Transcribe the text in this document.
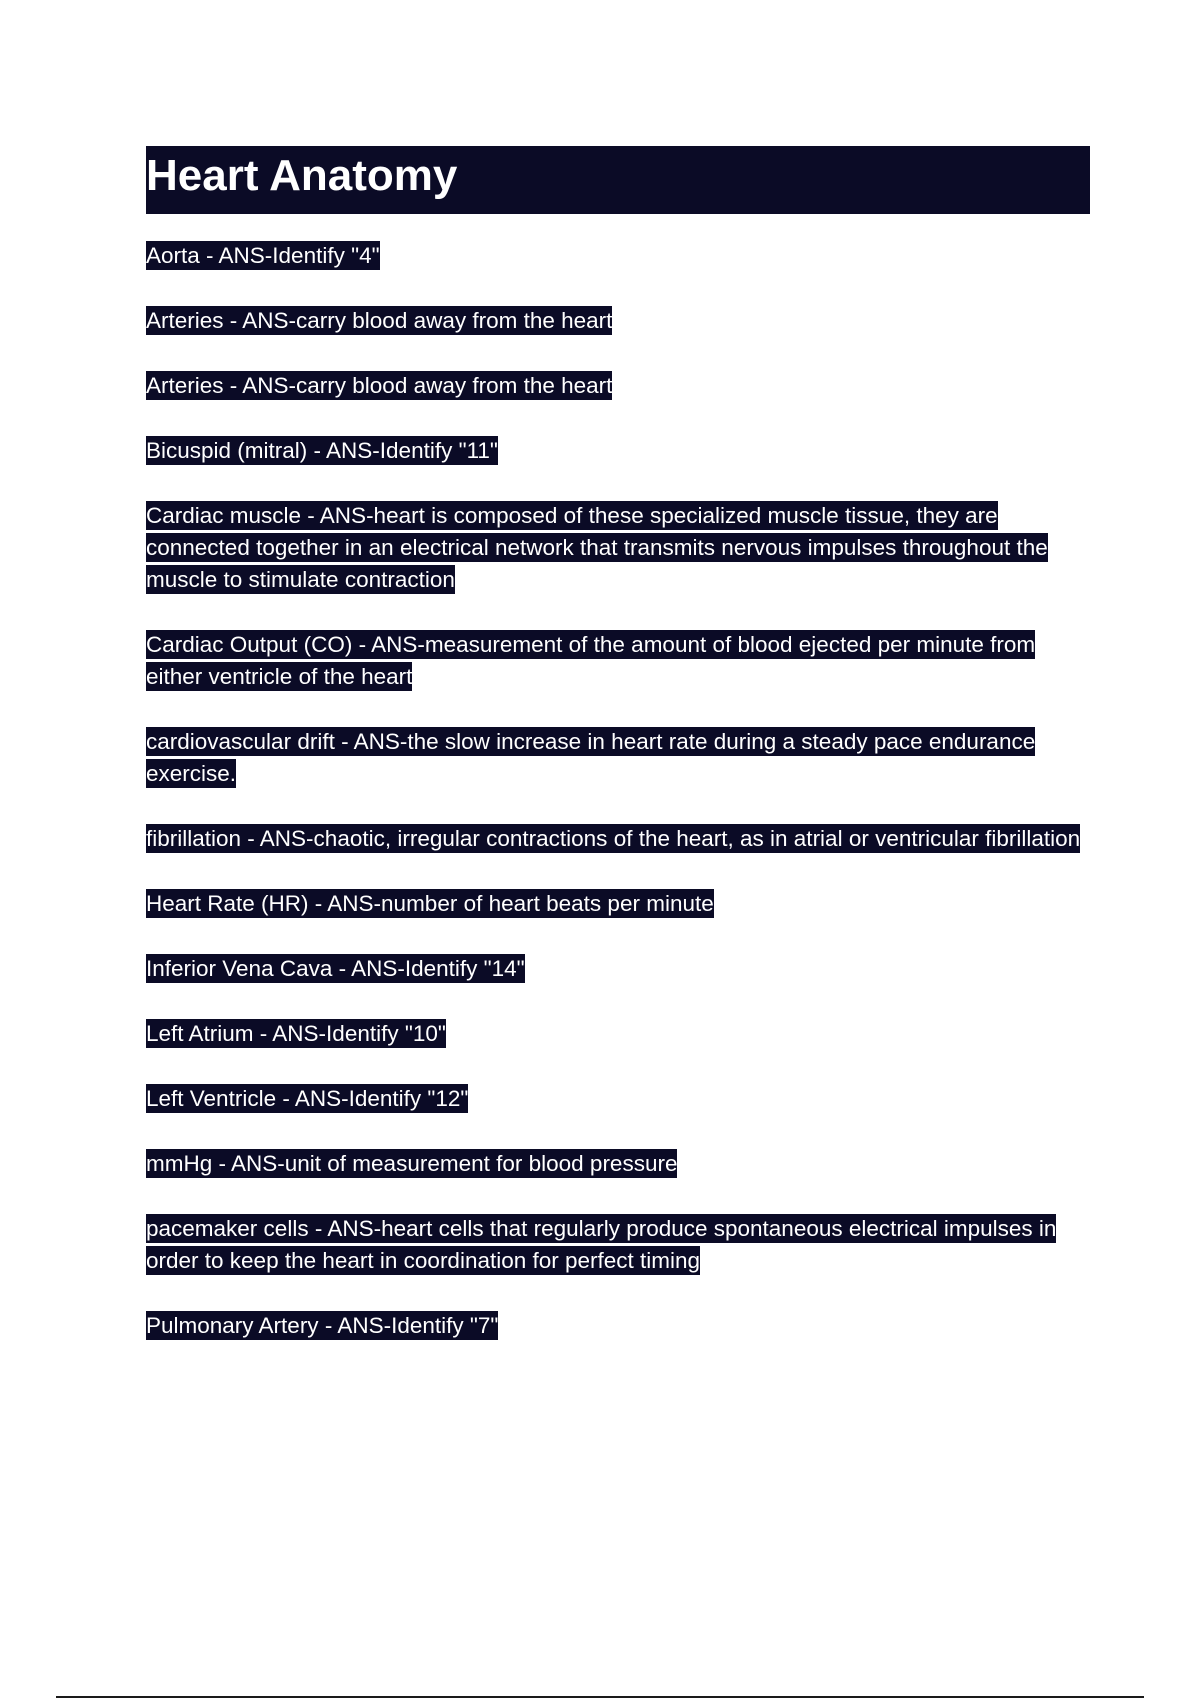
Heart Anatomy

Aorta - ANS-Identify "4"

Arteries - ANS-carry blood away from the heart

Arteries - ANS-carry blood away from the heart

Bicuspid (mitral) - ANS-Identify "11"

Cardiac muscle - ANS-heart is composed of these specialized muscle tissue, they are connected together in an electrical network that transmits nervous impulses throughout the muscle to stimulate contraction

Cardiac Output (CO) - ANS-measurement of the amount of blood ejected per minute from either ventricle of the heart

cardiovascular drift - ANS-the slow increase in heart rate during a steady pace endurance exercise.

fibrillation - ANS-chaotic, irregular contractions of the heart, as in atrial or ventricular fibrillation

Heart Rate (HR) - ANS-number of heart beats per minute

Inferior Vena Cava - ANS-Identify "14"

Left Atrium - ANS-Identify "10"

Left Ventricle - ANS-Identify "12"

mmHg - ANS-unit of measurement for blood pressure

pacemaker cells - ANS-heart cells that regularly produce spontaneous electrical impulses in order to keep the heart in coordination for perfect timing

Pulmonary Artery - ANS-Identify "7"
